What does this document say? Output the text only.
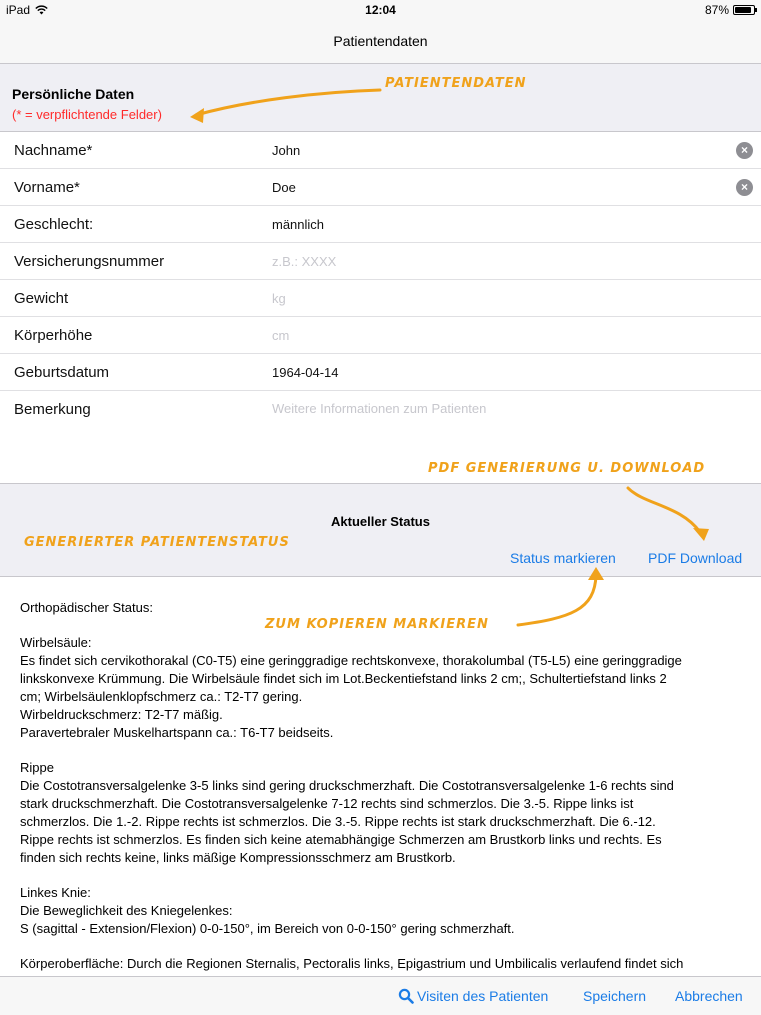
iPad	12:04	87%
Patientendaten
Persönliche Daten
(* = verpflichtende Felder)
Nachname*	John	×
Vorname*	Doe	×
Geschlecht:	männlich
Versicherungsnummer	z.B.: XXXX
Gewicht	kg
Körperhöhe	cm
Geburtsdatum	1964-04-14
Bemerkung	Weitere Informationen zum Patienten
Aktueller Status
Status markieren PDF Download

Orthopädischer Status:

Wirbelsäule:
Es findet sich cervikothorakal (C0-T5) eine geringgradige rechtskonvexe, thorakolumbal (T5-L5) eine geringgradige
linkskonvexe Krümmung. Die Wirbelsäule findet sich im Lot.Beckentiefstand links 2 cm;, Schultertiefstand links 2
cm; Wirbelsäulenklopfschmerz ca.: T2-T7 gering.
Wirbeldruckschmerz: T2-T7 mäßig.
Paravertebraler Muskelhartspann ca.: T6-T7 beidseits.

Rippe
Die Costotransversalgelenke 3-5 links sind gering druckschmerzhaft. Die Costotransversalgelenke 1-6 rechts sind
stark druckschmerzhaft. Die Costotransversalgelenke 7-12 rechts sind schmerzlos. Die 3.-5. Rippe links ist
schmerzlos. Die 1.-2. Rippe rechts ist schmerzlos. Die 3.-5. Rippe rechts ist stark druckschmerzhaft. Die 6.-12.
Rippe rechts ist schmerzlos. Es finden sich keine atemabhängige Schmerzen am Brustkorb links und rechts. Es
finden sich rechts keine, links mäßige Kompressionsschmerz am Brustkorb.

Linkes Knie:
Die Beweglichkeit des Kniegelenkes:
S (sagittal - Extension/Flexion) 0-0-150°, im Bereich von 0-0-150° gering schmerzhaft.

Körperoberfläche: Durch die Regionen Sternalis, Pectoralis links, Epigastrium und Umbilicalis verlaufend findet sich

Visiten des Patienten Speichern Abbrechen
PATIENTENDATEN
PDF GENERIERUNG U. DOWNLOAD
GENERIERTER PATIENTENSTATUS
ZUM KOPIEREN MARKIEREN
